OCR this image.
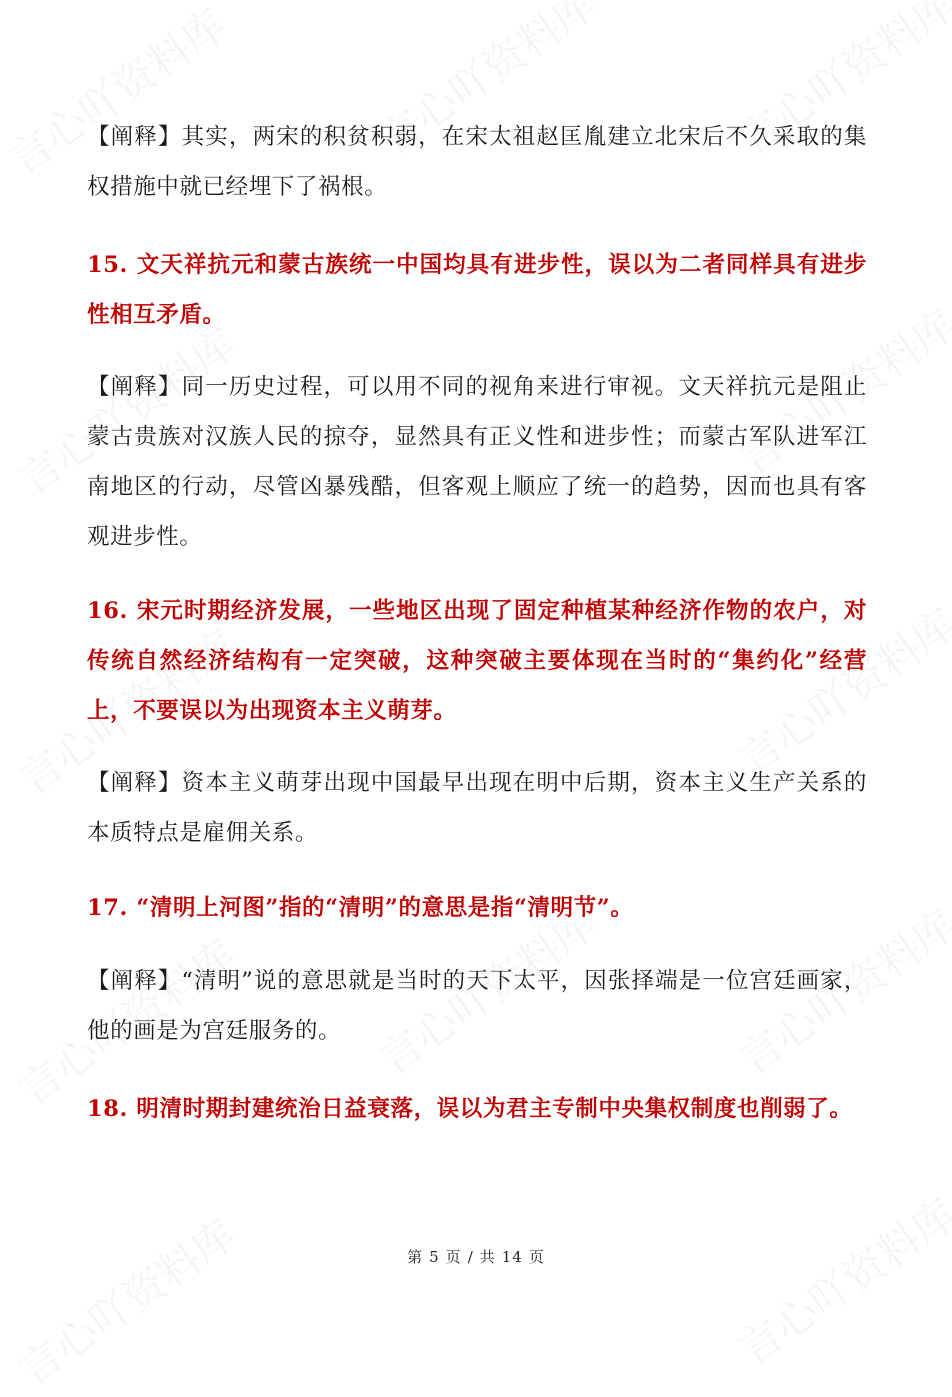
【阐释】其实，两宋的积贫积弱，在宋太祖赵匡胤建立北宋后不久采取的集权措施中就已经埋下了祸根。

15. 文天祥抗元和蒙古族统一中国均具有进步性，误以为二者同样具有进步性相互矛盾。

【阐释】同一历史过程，可以用不同的视角来进行审视。文天祥抗元是阻止蒙古贵族对汉族人民的掠夺，显然具有正义性和进步性；而蒙古军队进军江南地区的行动，尽管凶暴残酷，但客观上顺应了统一的趋势，因而也具有客观进步性。

16. 宋元时期经济发展，一些地区出现了固定种植某种经济作物的农户，对传统自然经济结构有一定突破，这种突破主要体现在当时的“集约化”经营上，不要误以为出现资本主义萌芽。

【阐释】资本主义萌芽出现中国最早出现在明中后期，资本主义生产关系的本质特点是雇佣关系。

17. “清明上河图”指的“清明”的意思是指“清明节”。

【阐释】“清明”说的意思就是当时的天下太平，因张择端是一位宫廷画家，他的画是为宫廷服务的。

18. 明清时期封建统治日益衰落，误以为君主专制中央集权制度也削弱了。

第 5 页 / 共 14 页
